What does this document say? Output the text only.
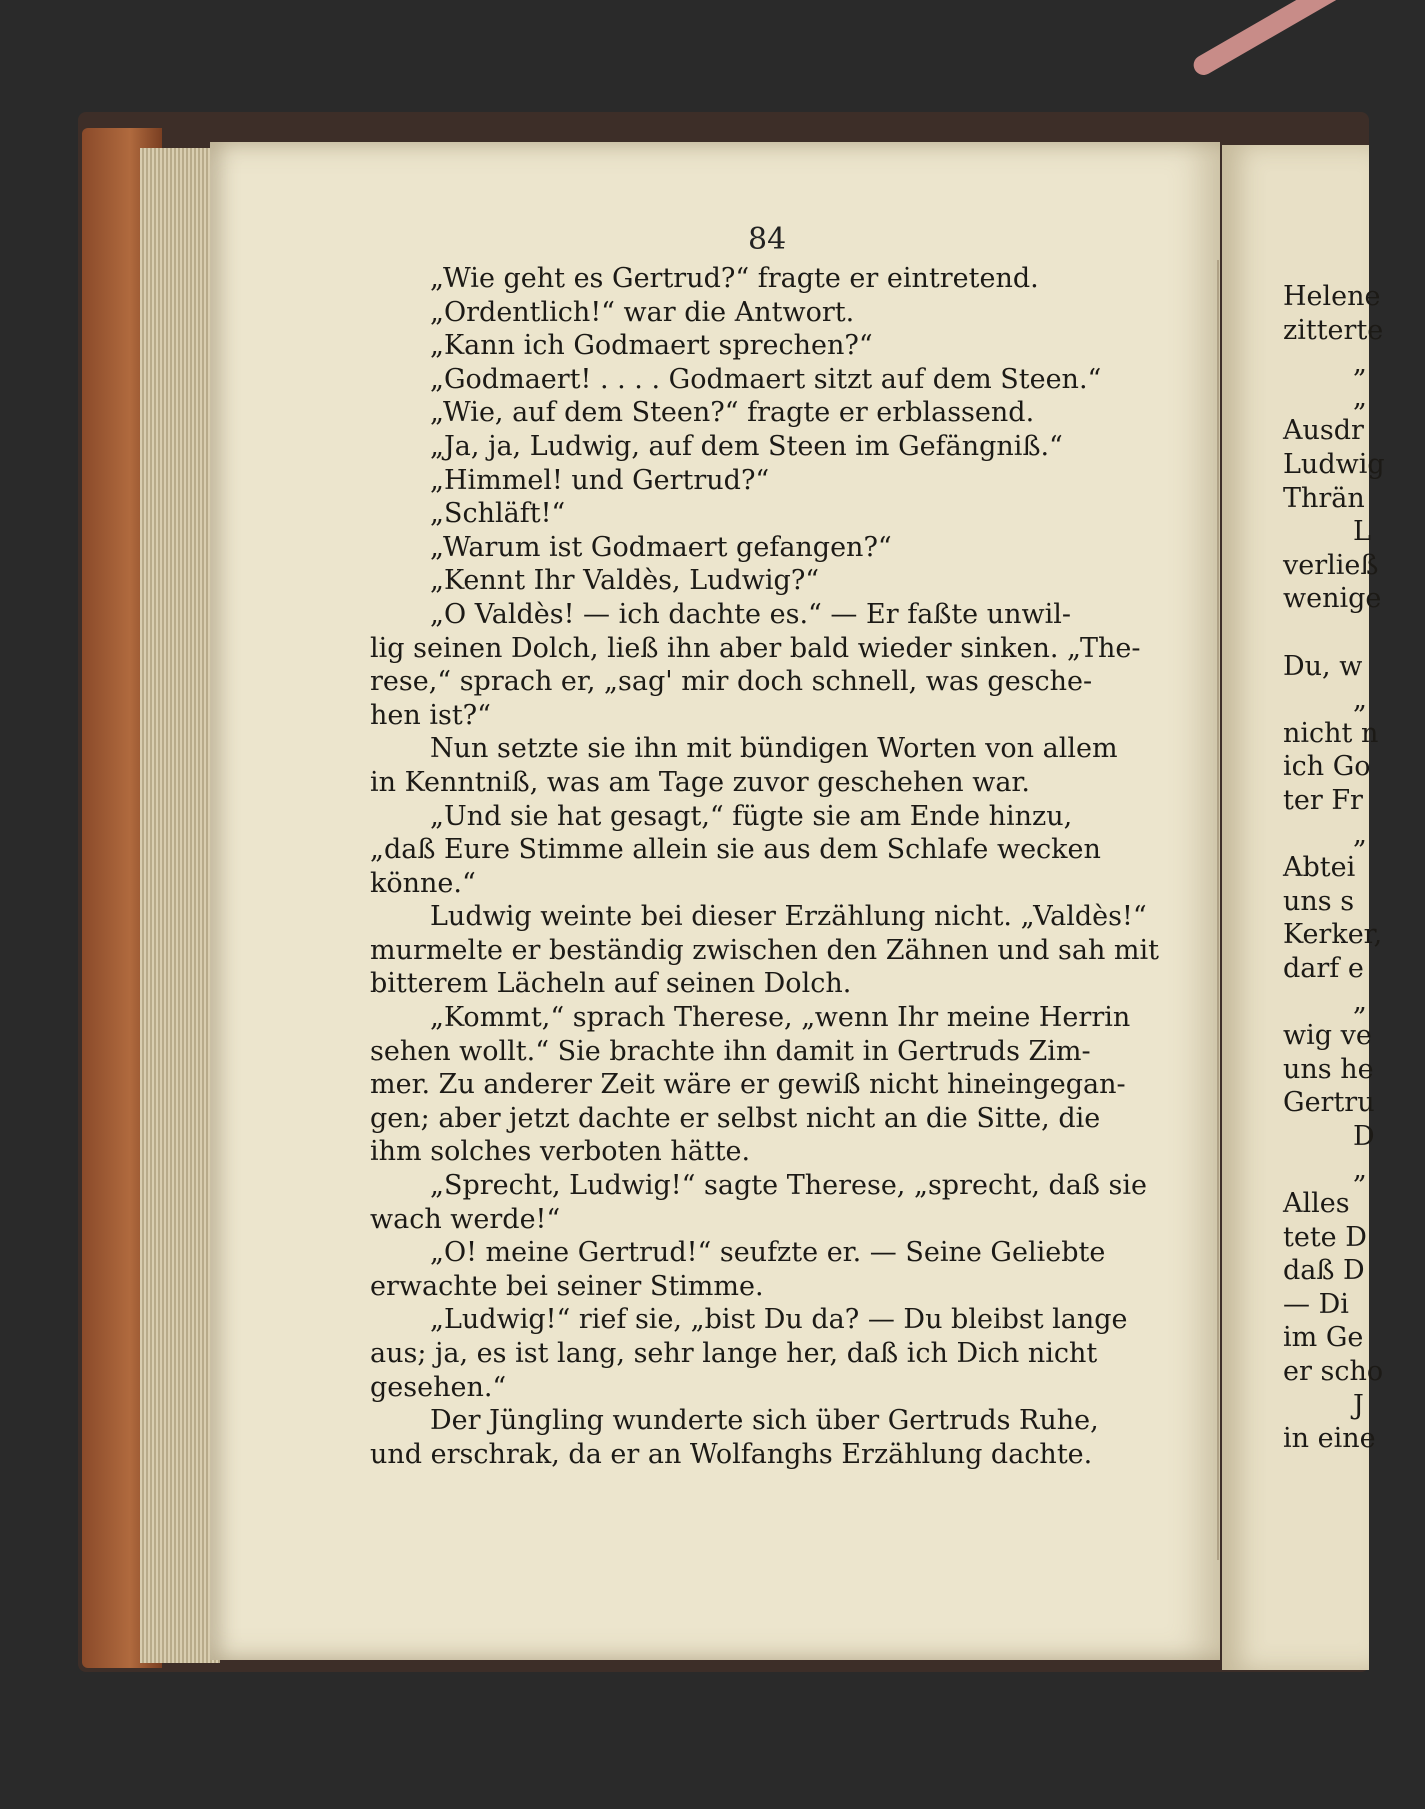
84
„Wie geht es Gertrud?“ fragte er eintretend.
„Ordentlich!“ war die Antwort.
„Kann ich Godmaert sprechen?“
„Godmaert! . . . . Godmaert sitzt auf dem Steen.“
„Wie, auf dem Steen?“ fragte er erblassend.
„Ja, ja, Ludwig, auf dem Steen im Gefängniß.“
„Himmel! und Gertrud?“
„Schläft!“
„Warum ist Godmaert gefangen?“
„Kennt Ihr Valdès, Ludwig?“
„O Valdès! — ich dachte es.“ — Er faßte unwil-
lig seinen Dolch, ließ ihn aber bald wieder sinken. „The-
rese,“ sprach er, „sag' mir doch schnell, was gesche-
hen ist?“
Nun setzte sie ihn mit bündigen Worten von allem
in Kenntniß, was am Tage zuvor geschehen war.
„Und sie hat gesagt,“ fügte sie am Ende hinzu,
„daß Eure Stimme allein sie aus dem Schlafe wecken
könne.“
Ludwig weinte bei dieser Erzählung nicht. „Valdès!“
murmelte er beständig zwischen den Zähnen und sah mit
bitterem Lächeln auf seinen Dolch.
„Kommt,“ sprach Therese, „wenn Ihr meine Herrin
sehen wollt.“ Sie brachte ihn damit in Gertruds Zim-
mer. Zu anderer Zeit wäre er gewiß nicht hineingegan-
gen; aber jetzt dachte er selbst nicht an die Sitte, die
ihm solches verboten hätte.
„Sprecht, Ludwig!“ sagte Therese, „sprecht, daß sie
wach werde!“
„O! meine Gertrud!“ seufzte er. — Seine Geliebte
erwachte bei seiner Stimme.
„Ludwig!“ rief sie, „bist Du da? — Du bleibst lange
aus; ja, es ist lang, sehr lange her, daß ich Dich nicht
gesehen.“
Der Jüngling wunderte sich über Gertruds Ruhe,
und erschrak, da er an Wolfanghs Erzählung dachte.
Helene
zitterte
„
„
Ausdr
Ludwig
Thrän
L
verließ
wenige
Du, w
„
nicht n
ich Go
ter Fr
„
Abtei
uns s
Kerker,
darf e
„
wig ve
uns he
Gertru
D
„
Alles
tete D
daß D
— Di
im Ge
er scho
J
in eine
